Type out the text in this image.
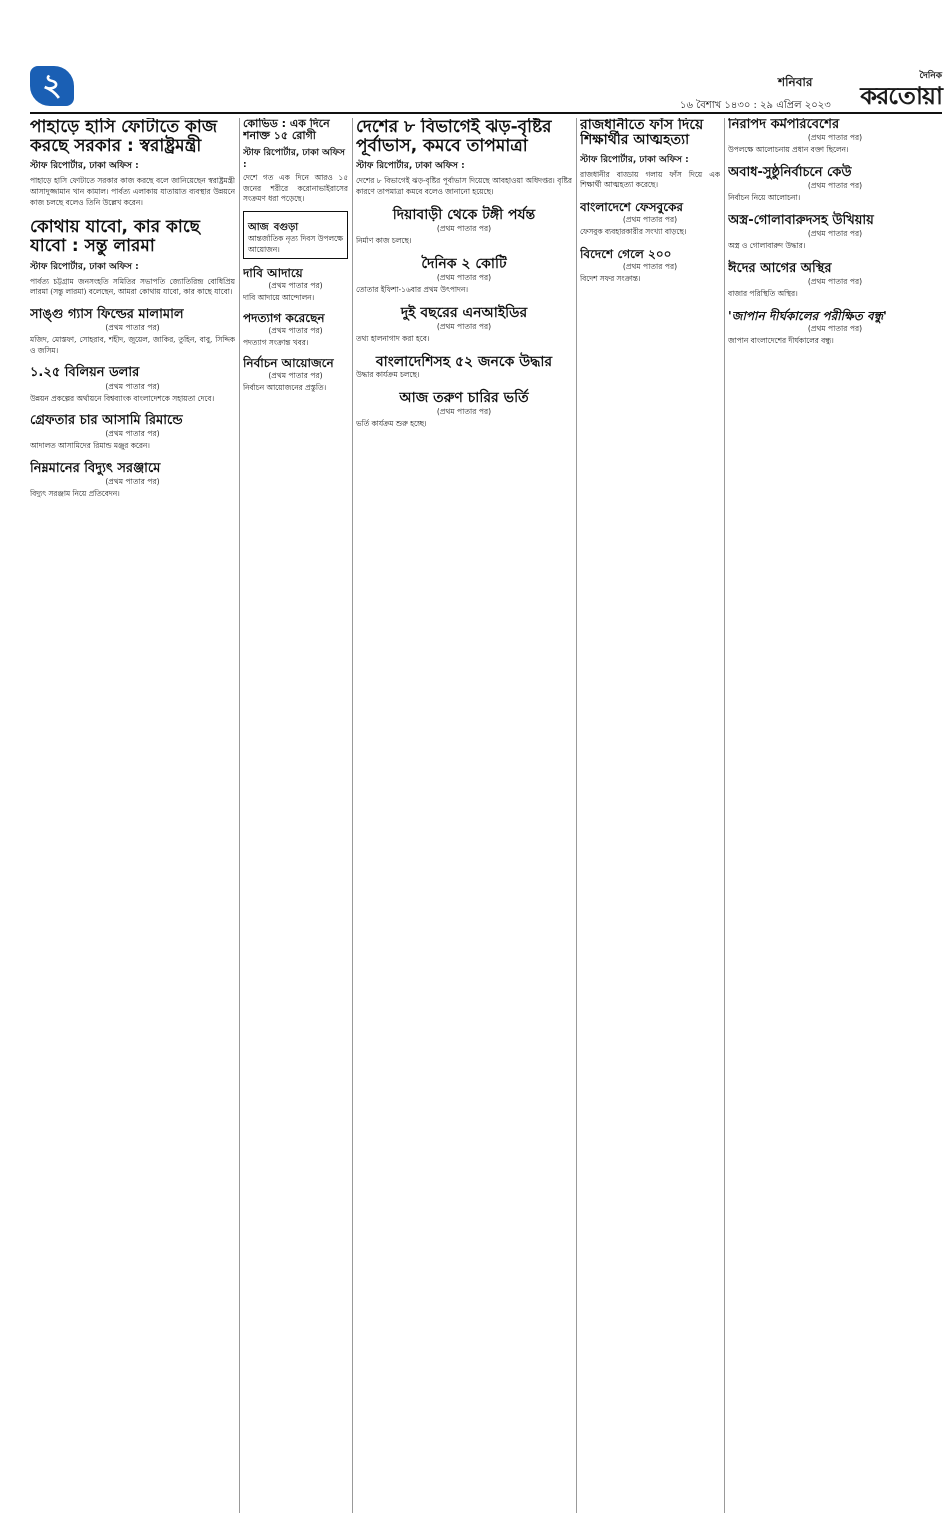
২	শনিবার
১৬ বৈশাখ ১৪৩০ : ২৯ এপ্রিল ২০২৩
দৈনিক
করতোয়া
পাহাড়ে হাসি ফোটাতে কাজ করছে সরকার : স্বরাষ্ট্রমন্ত্রী
স্টাফ রিপোর্টার, ঢাকা অফিস :

পাহাড়ে হাসি ফোটাতে সরকার কাজ করছে বলে জানিয়েছেন স্বরাষ্ট্রমন্ত্রী আসাদুজ্জামান খান কামাল। পার্বত্য এলাকায় যাতায়াত ব্যবস্থার উন্নয়নে কাজ চলছে বলেও তিনি উল্লেখ করেন।

কোথায় যাবো, কার কাছে যাবো : সন্তু লারমা
স্টাফ রিপোর্টার, ঢাকা অফিস :

পার্বত্য চট্টগ্রাম জনসংহতি সমিতির সভাপতি জ্যোতিরিন্দ্র বোধিপ্রিয় লারমা (সন্তু লারমা) বলেছেন, আমরা কোথায় যাবো, কার কাছে যাবো।

সাঙ্গু গ্যাস ফিল্ডের মালামাল
(প্রথম পাতার পর)

মজিদ, মোস্তফা, সোহরাব, শহীদ, জুয়েল, জাকির, তুহিন, বাবু, সিদ্দিক ও জসিম।

১.২৫ বিলিয়ন ডলার
(প্রথম পাতার পর)

উন্নয়ন প্রকল্পের অর্থায়নে বিশ্বব্যাংক বাংলাদেশকে সহায়তা দেবে।

গ্রেফতার চার আসামি রিমান্ডে
(প্রথম পাতার পর)

আদালত আসামিদের রিমান্ড মঞ্জুর করেন।

নিম্নমানের বিদ্যুৎ সরঞ্জামে
(প্রথম পাতার পর)

বিদ্যুৎ সরঞ্জাম নিয়ে প্রতিবেদন।

কোভিড : এক দিনে শনাক্ত ১৫ রোগী
স্টাফ রিপোর্টার, ঢাকা অফিস :

দেশে গত এক দিনে আরও ১৫ জনের শরীরে করোনাভাইরাসের সংক্রমণ ধরা পড়েছে।

আজ বগুড়া

আন্তর্জাতিক নৃত্য দিবস উপলক্ষে আয়োজন।

দাবি আদায়ে
(প্রথম পাতার পর)

দাবি আদায়ে আন্দোলন।

পদত্যাগ করেছেন
(প্রথম পাতার পর)

পদত্যাগ সংক্রান্ত খবর।

নির্বাচন আয়োজনে
(প্রথম পাতার পর)

নির্বাচন আয়োজনের প্রস্তুতি।

দেশের ৮ বিভাগেই ঝড়-বৃষ্টির পূর্বাভাস, কমবে তাপমাত্রা
স্টাফ রিপোর্টার, ঢাকা অফিস :

দেশের ৮ বিভাগেই ঝড়-বৃষ্টির পূর্বাভাস দিয়েছে আবহাওয়া অধিদপ্তর। বৃষ্টির কারণে তাপমাত্রা কমবে বলেও জানানো হয়েছে।

দিয়াবাড়ী থেকে টঙ্গী পর্যন্ত
(প্রথম পাতার পর)

নির্মাণ কাজ চলছে।

দৈনিক ২ কোটি
(প্রথম পাতার পর)

তোতার ইফিশা-১৬বার প্রথম উৎপাদন।

দুই বছরের এনআইডির
(প্রথম পাতার পর)

তথ্য হালনাগাদ করা হবে।

বাংলাদেশিসহ ৫২ জনকে উদ্ধার

উদ্ধার কার্যক্রম চলছে।

আজ তরুণ চারির ভর্তি
(প্রথম পাতার পর)

ভর্তি কার্যক্রম শুরু হচ্ছে।

রাজধানীতে ফাঁস দিয়ে শিক্ষার্থীর আত্মহত্যা
স্টাফ রিপোর্টার, ঢাকা অফিস :

রাজধানীর বাড্ডায় গলায় ফাঁস দিয়ে এক শিক্ষার্থী আত্মহত্যা করেছে।

বাংলাদেশে ফেসবুকের
(প্রথম পাতার পর)

ফেসবুক ব্যবহারকারীর সংখ্যা বাড়ছে।

বিদেশে গেলে ২০০
(প্রথম পাতার পর)

বিদেশ সফর সংক্রান্ত।

নিরাপদ কর্মপরিবেশের
(প্রথম পাতার পর)

উপলক্ষে আলোচনায় প্রধান বক্তা ছিলেন।

অবাধ-সুষ্ঠুনির্বাচনে কেউ
(প্রথম পাতার পর)

নির্বাচন নিয়ে আলোচনা।

অস্ত্র-গোলাবারুদসহ উখিয়ায়
(প্রথম পাতার পর)

অস্ত্র ও গোলাবারুদ উদ্ধার।

ঈদের আগের অস্থির
(প্রথম পাতার পর)

বাজার পরিস্থিতি অস্থির।

'জাপান দীর্ঘকালের পরীক্ষিত বন্ধু'
(প্রথম পাতার পর)

জাপান বাংলাদেশের দীর্ঘকালের বন্ধু।
